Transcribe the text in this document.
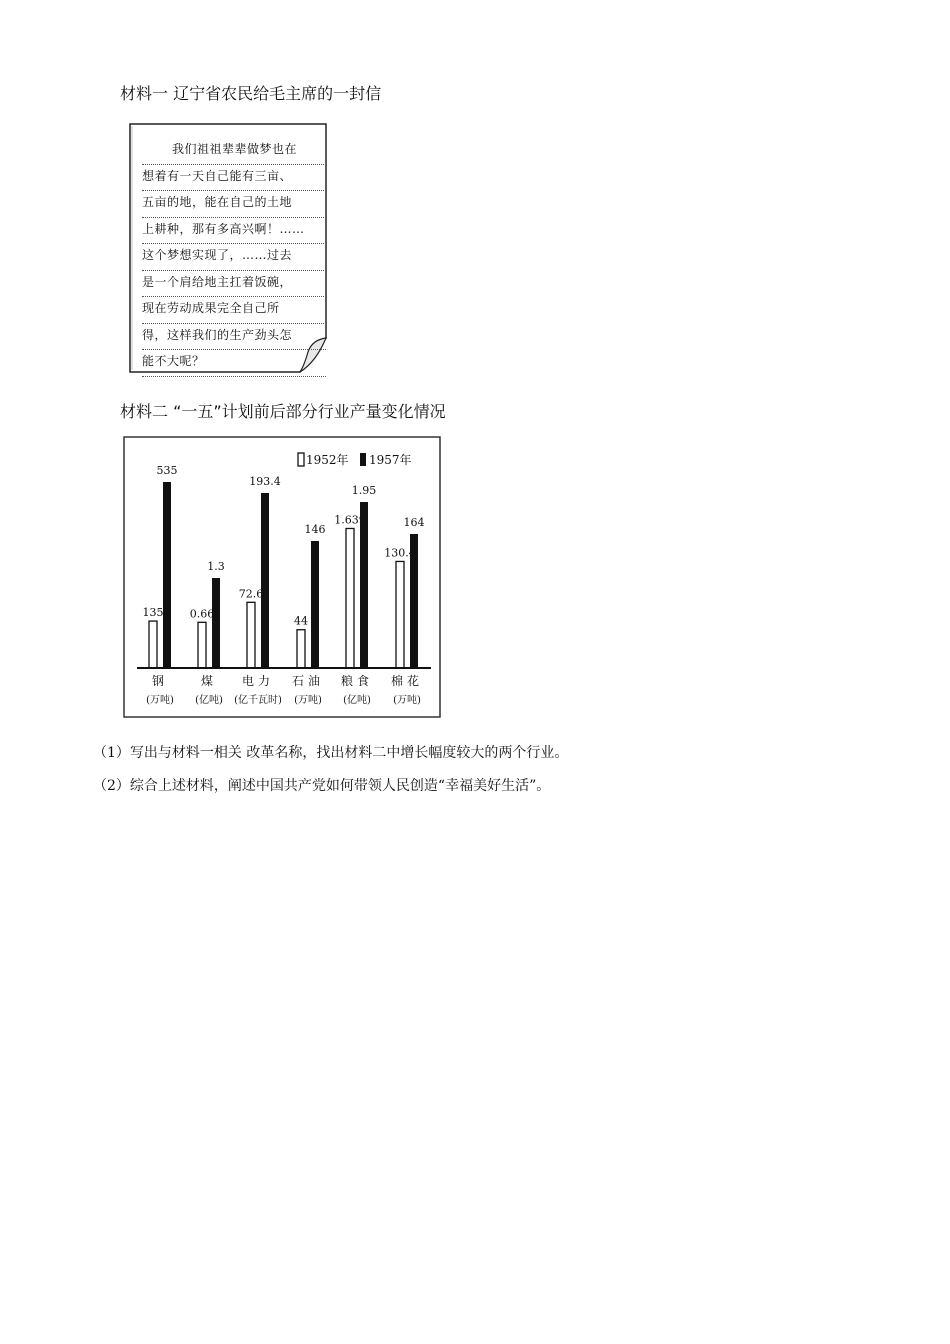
材料一 辽宁省农民给毛主席的一封信
我们祖祖辈辈做梦也在
想着有一天自己能有三亩、
五亩的地，能在自己的土地
上耕种，那有多高兴啊！……
这个梦想实现了，……过去
是一个肩给地主扛着饭碗，
现在劳动成果完全自己所
得，这样我们的生产劲头怎
能不大呢？
材料二 “一五”计划前后部分行业产量变化情况
135
535
钢
(万吨)
0.66
1.3
煤
(亿吨)
72.6
193.4
电力
(亿千瓦时)
44
146
石油
(万吨)
1.639
1.95
粮食
(亿吨)
130.4
164
棉花
(万吨)
1952年 1957年
（1）写出与材料一相关 改革名称，找出材料二中增长幅度较大的两个行业。
（2）综合上述材料，阐述中国共产党如何带领人民创造“幸福美好生活”。
